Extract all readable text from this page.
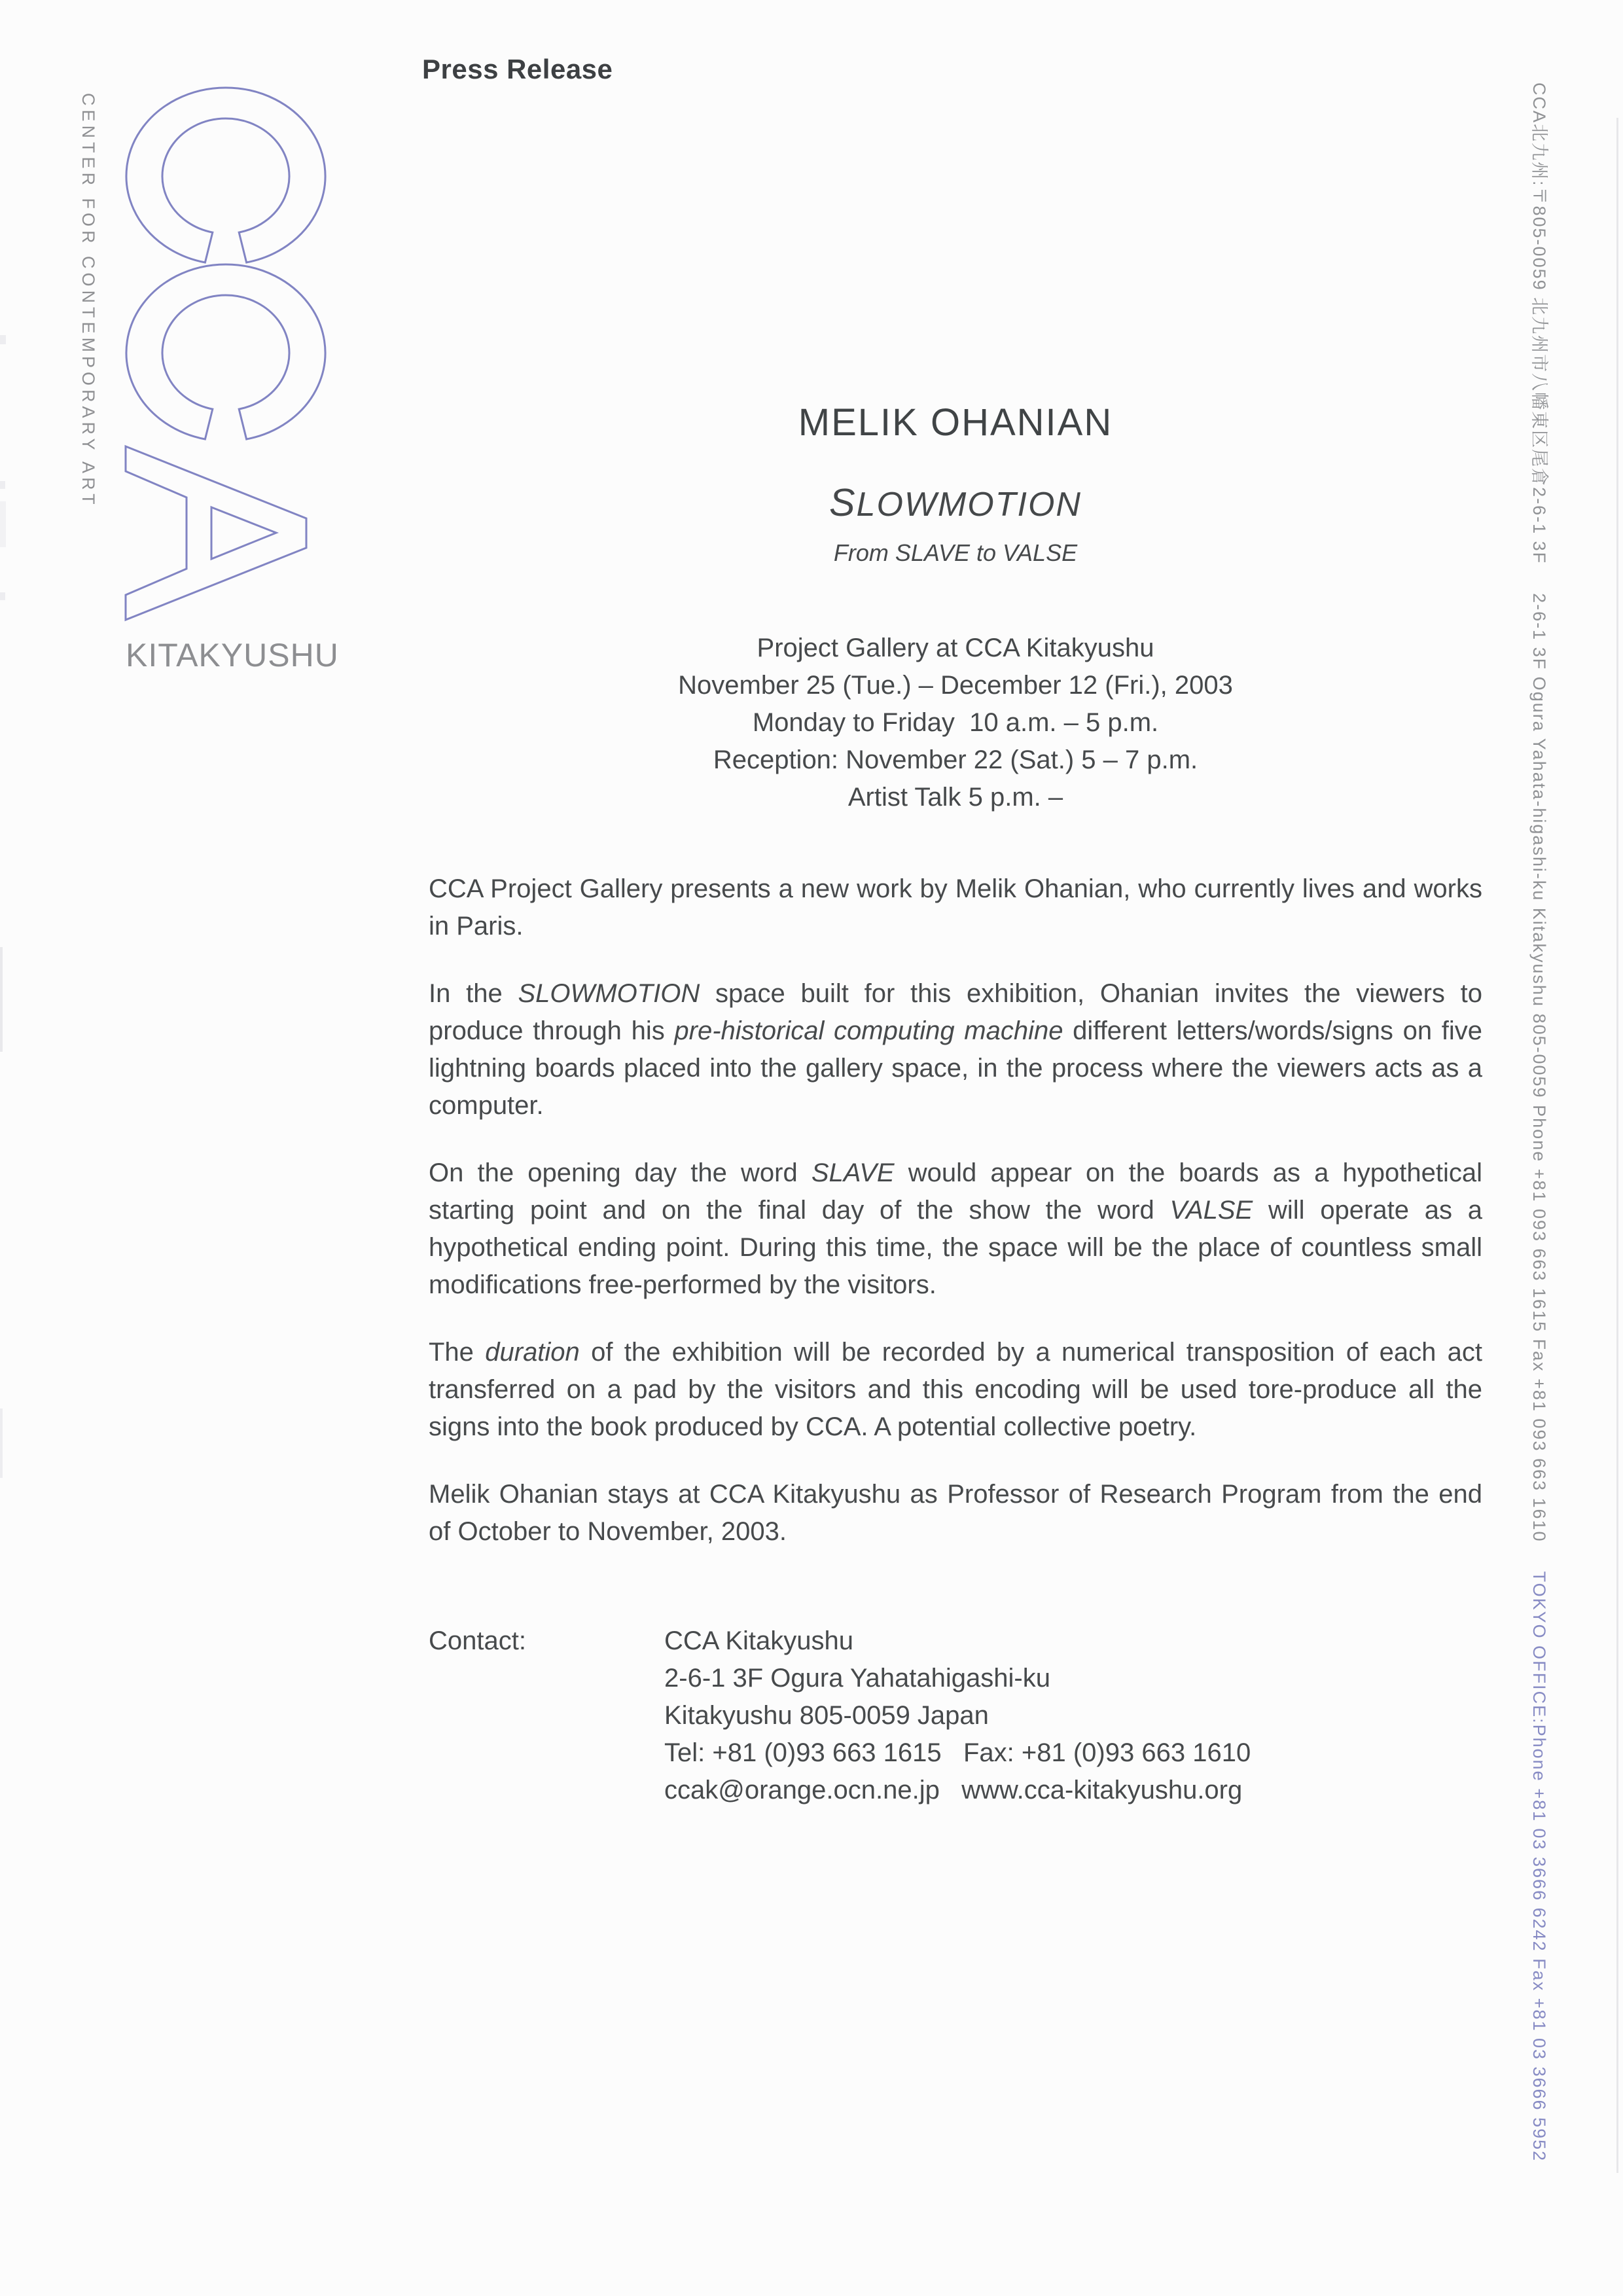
Press Release
CENTER FOR CONTEMPORARY ART
KITAKYUSHU
MELIK OHANIAN
SLOWMOTION
From SLAVE to VALSE
Project Gallery at CCA Kitakyushu
November 25 (Tue.) – December 12 (Fri.), 2003
Monday to Friday  10 a.m. – 5 p.m.
Reception: November 22 (Sat.) 5 – 7 p.m.
Artist Talk 5 p.m. –

CCA Project Gallery presents a new work by Melik Ohanian, who currently lives and works in Paris.

In the SLOWMOTION space built for this exhibition, Ohanian invites the viewers to produce through his pre-historical computing machine different letters/words/signs on five lightning boards placed into the gallery space, in the process where the viewers acts as a computer.

On the opening day the word SLAVE would appear on the boards as a hypothetical starting point and on the final day of the show the word VALSE will operate as a hypothetical ending point. During this time, the space will be the place of countless small modifications free-performed by the visitors.

The duration of the exhibition will be recorded by a numerical transposition of each act transferred on a pad by the visitors and this encoding will be used tore-produce all the signs into the book produced by CCA. A potential collective poetry.

Melik Ohanian stays at CCA Kitakyushu as Professor of Research Program from the end of October to November, 2003.

Contact:	CCA Kitakyushu
2-6-1 3F Ogura Yahatahigashi-ku
Kitakyushu 805-0059 Japan
Tel: +81 (0)93 663 1615   Fax: +81 (0)93 663 1610
ccak@orange.ocn.ne.jp   www.cca-kitakyushu.org
CCA北九州:〒805-0059 北九州市八幡東区尾倉2-6-1 3F2-6-1 3F Ogura Yahata-higashi-ku Kitakyushu 805-0059 Phone +81 093 663 1615 Fax +81 093 663 1610TOKYO OFFICE:Phone +81 03 3666 6242 Fax +81 03 3666 5952
